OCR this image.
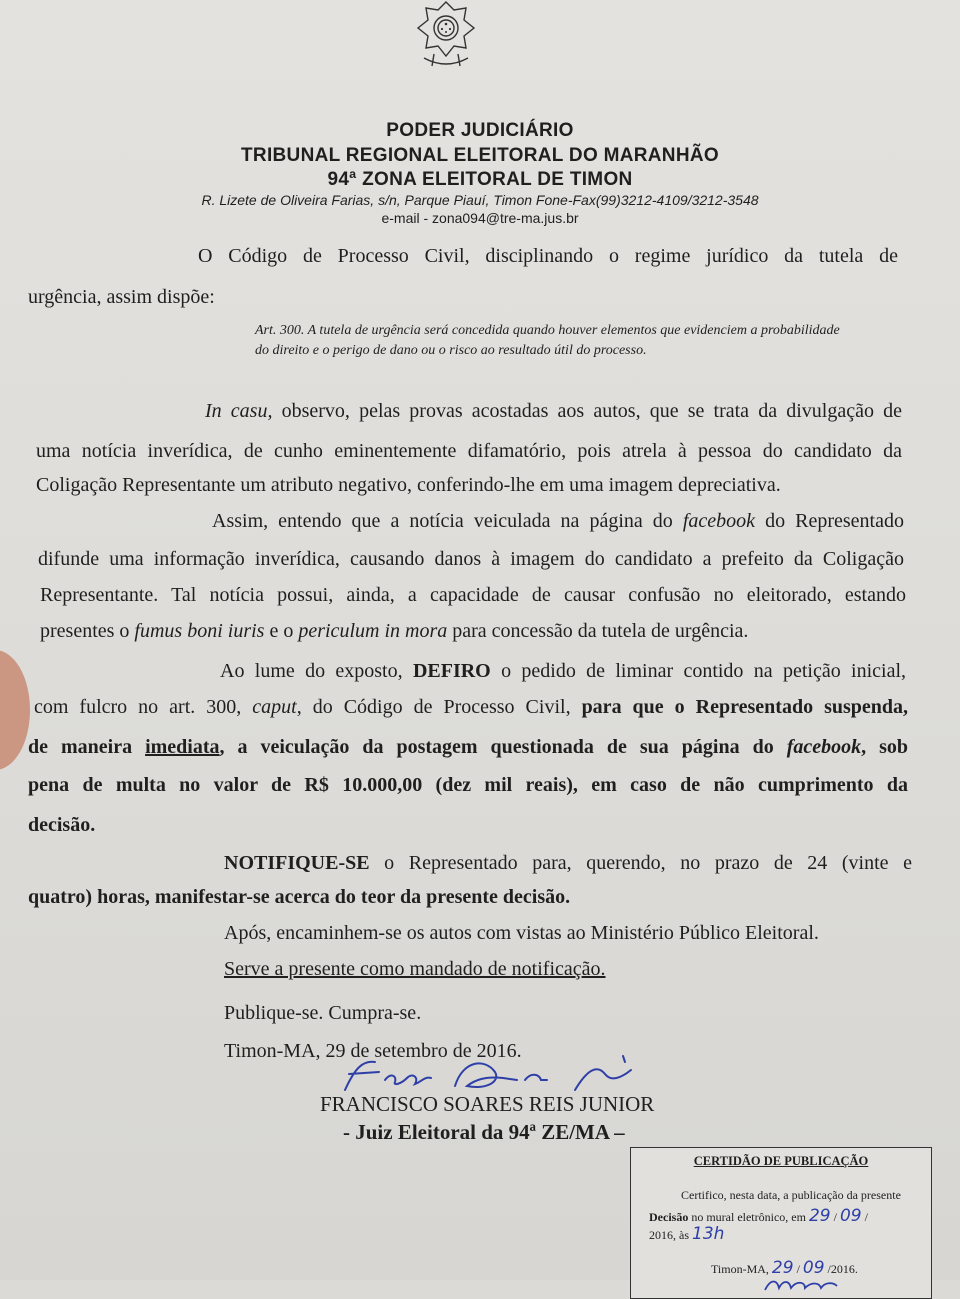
PODER JUDICIÁRIO
TRIBUNAL REGIONAL ELEITORAL DO MARANHÃO
94ª ZONA ELEITORAL DE TIMON
R. Lizete de Oliveira Farias, s/n, Parque Piauí, Timon Fone-Fax(99)3212-4109/3212-3548
e-mail - zona094@tre-ma.jus.br
O Código de Processo Civil, disciplinando o regime jurídico da tutela de
urgência, assim dispõe:
Art. 300. A tutela de urgência será concedida quando houver elementos que evidenciem a probabilidade
do direito e o perigo de dano ou o risco ao resultado útil do processo.
In casu, observo, pelas provas acostadas aos autos, que se trata da divulgação de
uma notícia inverídica, de cunho eminentemente difamatório, pois atrela à pessoa do candidato da
Coligação Representante um atributo negativo, conferindo-lhe em uma imagem depreciativa.
Assim, entendo que a notícia veiculada na página do facebook do Representado
difunde uma informação inverídica, causando danos à imagem do candidato a prefeito da Coligação
Representante. Tal notícia possui, ainda, a capacidade de causar confusão no eleitorado, estando
presentes o fumus boni iuris e o periculum in mora para concessão da tutela de urgência.
Ao lume do exposto, DEFIRO o pedido de liminar contido na petição inicial,
com fulcro no art. 300, caput, do Código de Processo Civil, para que o Representado suspenda,
de maneira imediata, a veiculação da postagem questionada de sua página do facebook, sob
pena de multa no valor de R$ 10.000,00 (dez mil reais), em caso de não cumprimento da
decisão.
NOTIFIQUE-SE o Representado para, querendo, no prazo de 24 (vinte e
quatro) horas, manifestar-se acerca do teor da presente decisão.
Após, encaminhem-se os autos com vistas ao Ministério Público Eleitoral.
Serve a presente como mandado de notificação.
Publique-se. Cumpra-se.
Timon-MA, 29 de setembro de 2016.
FRANCISCO SOARES REIS JUNIOR
- Juiz Eleitoral da 94ª ZE/MA –
CERTIDÃO DE PUBLICAÇÃO
Certifico, nesta data, a publicação da presente
Decisão no mural eletrônico, em 29 / 09 /
2016, às 13h
Timon-MA, 29 / 09 /2016.
